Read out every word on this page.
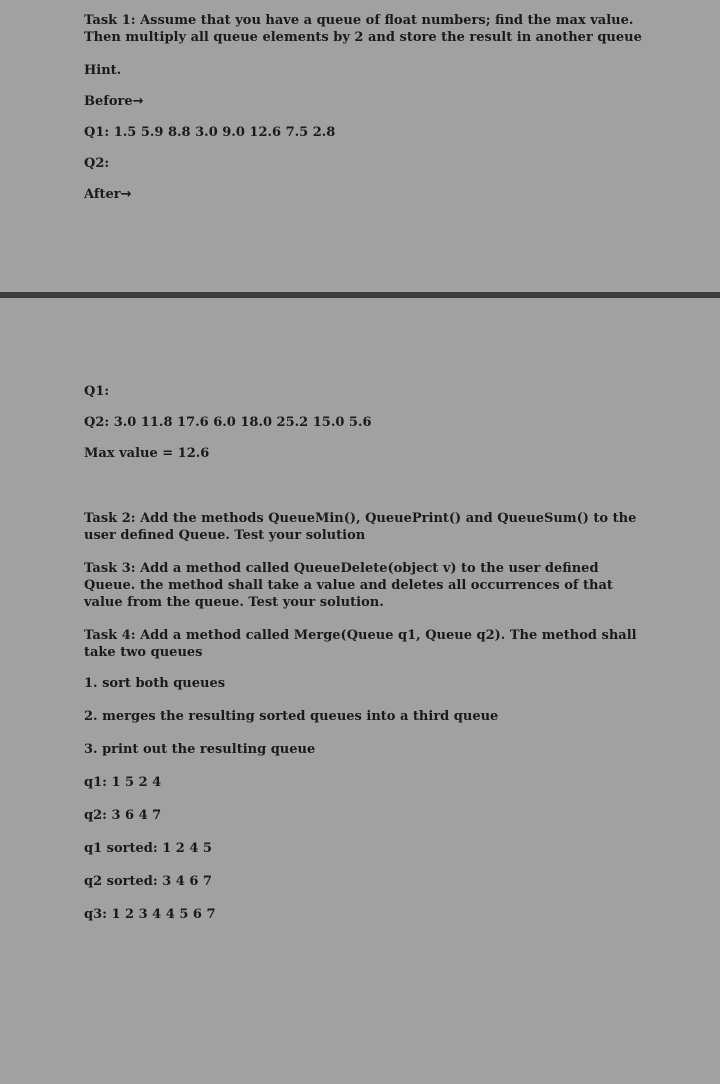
Task 1: Assume that you have a queue of float numbers; find the max value. Then multiply all queue elements by 2 and store the result in another queue
Hint.
Before→
Q1: 1.5 5.9 8.8 3.0 9.0 12.6 7.5 2.8
Q2:
After→
Q1:
Q2: 3.0 11.8 17.6 6.0 18.0 25.2 15.0 5.6
Max value = 12.6
Task 2: Add the methods QueueMin(), QueuePrint() and QueueSum() to the user defined Queue. Test your solution
Task 3: Add a method called QueueDelete(object v) to the user defined Queue. the method shall take a value and deletes all occurrences of that value from the queue. Test your solution.
Task 4: Add a method called Merge(Queue q1, Queue q2). The method shall take two queues
1. sort both queues
2. merges the resulting sorted queues into a third queue
3. print out the resulting queue
q1: 1 5 2 4
q2: 3 6 4 7
q1 sorted: 1 2 4 5
q2 sorted: 3 4 6 7
q3: 1 2 3 4 4 5 6 7
